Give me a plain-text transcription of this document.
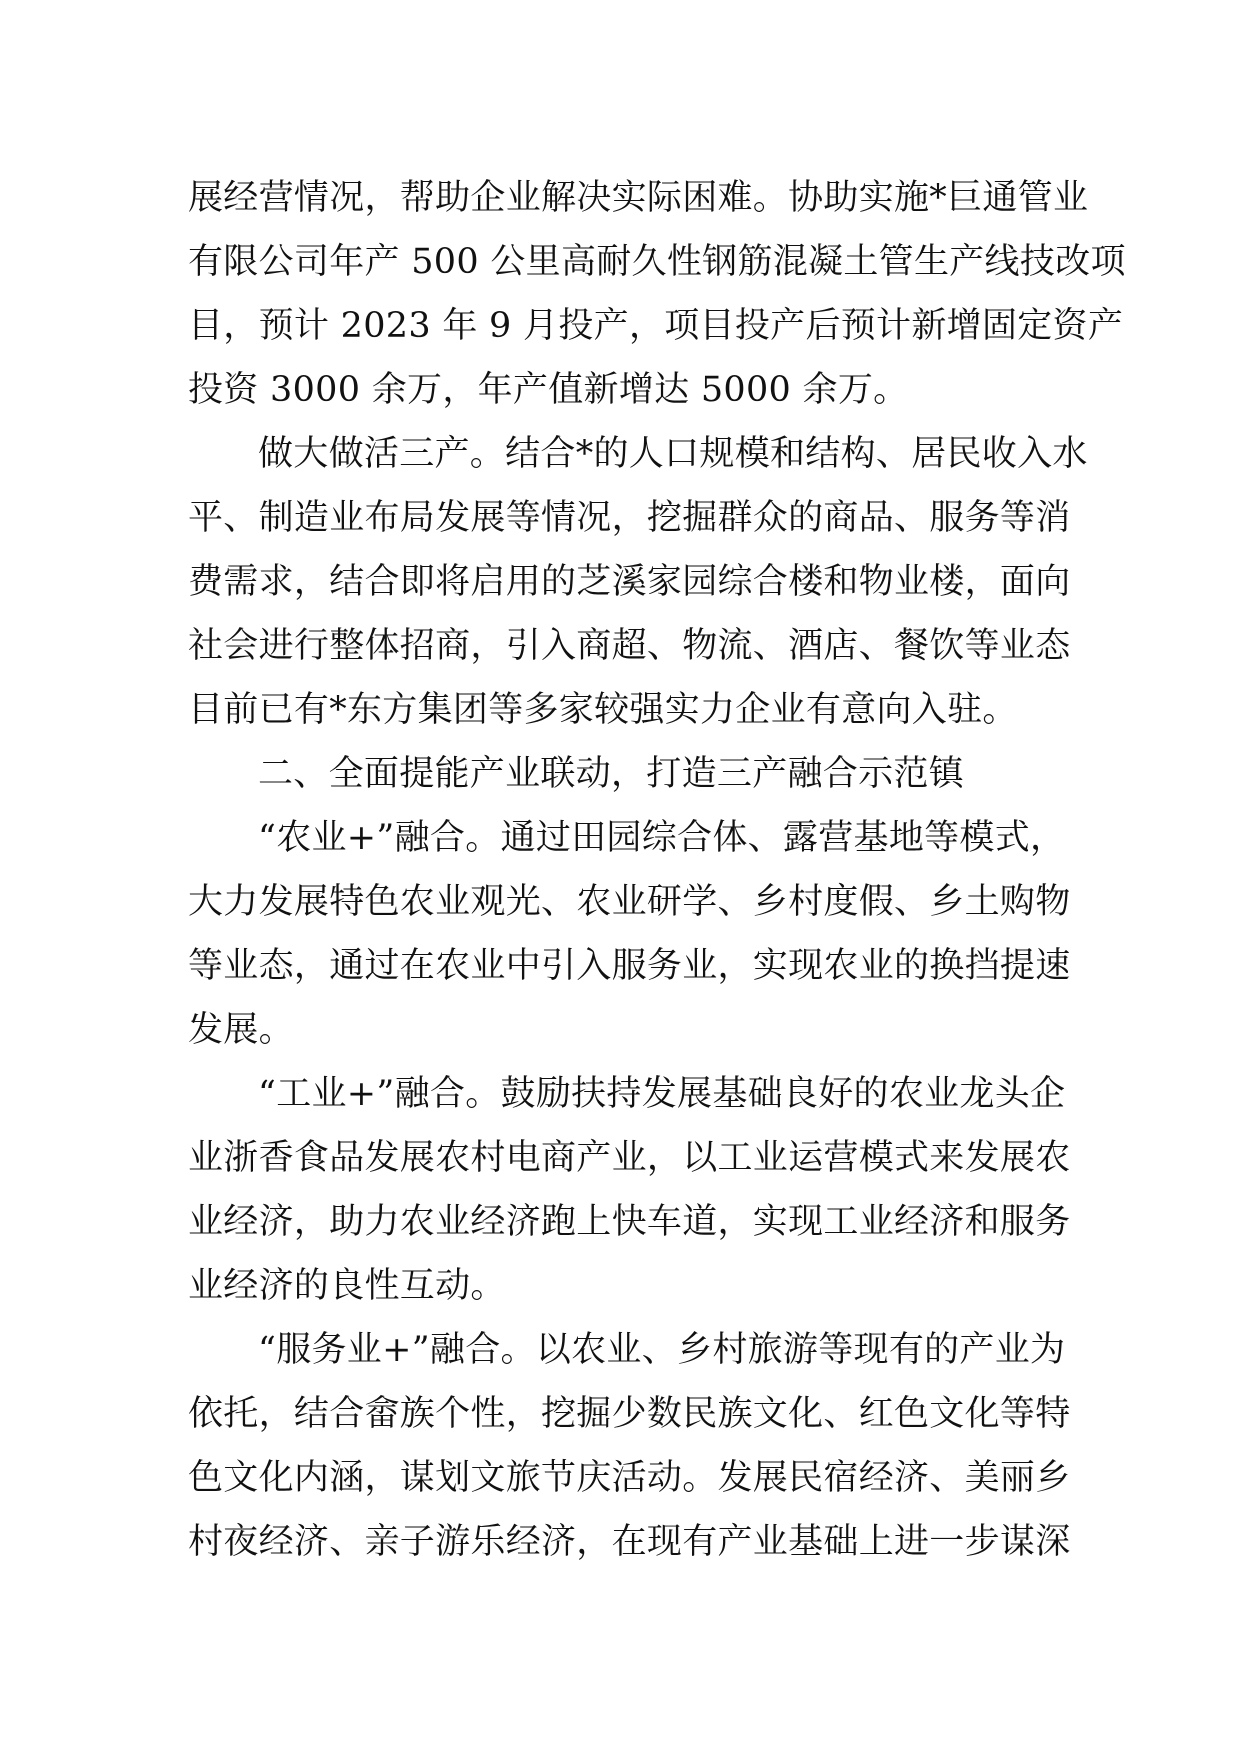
展经营情况，帮助企业解决实际困难。协助实施*巨通管业
有限公司年产 500 公里高耐久性钢筋混凝土管生产线技改项
目，预计 2023 年 9 月投产，项目投产后预计新增固定资产
投资 3000 余万，年产值新增达 5000 余万。
做大做活三产。结合*的人口规模和结构、居民收入水
平、制造业布局发展等情况，挖掘群众的商品、服务等消
费需求，结合即将启用的芝溪家园综合楼和物业楼，面向
社会进行整体招商，引入商超、物流、酒店、餐饮等业态
目前已有*东方集团等多家较强实力企业有意向入驻。
二、全面提能产业联动，打造三产融合示范镇
“农业+”融合。通过田园综合体、露营基地等模式，
大力发展特色农业观光、农业研学、乡村度假、乡土购物
等业态，通过在农业中引入服务业，实现农业的换挡提速
发展。
“工业+”融合。鼓励扶持发展基础良好的农业龙头企
业浙香食品发展农村电商产业，以工业运营模式来发展农
业经济，助力农业经济跑上快车道，实现工业经济和服务
业经济的良性互动。
“服务业+”融合。以农业、乡村旅游等现有的产业为
依托，结合畲族个性，挖掘少数民族文化、红色文化等特
色文化内涵，谋划文旅节庆活动。发展民宿经济、美丽乡
村夜经济、亲子游乐经济，在现有产业基础上进一步谋深
